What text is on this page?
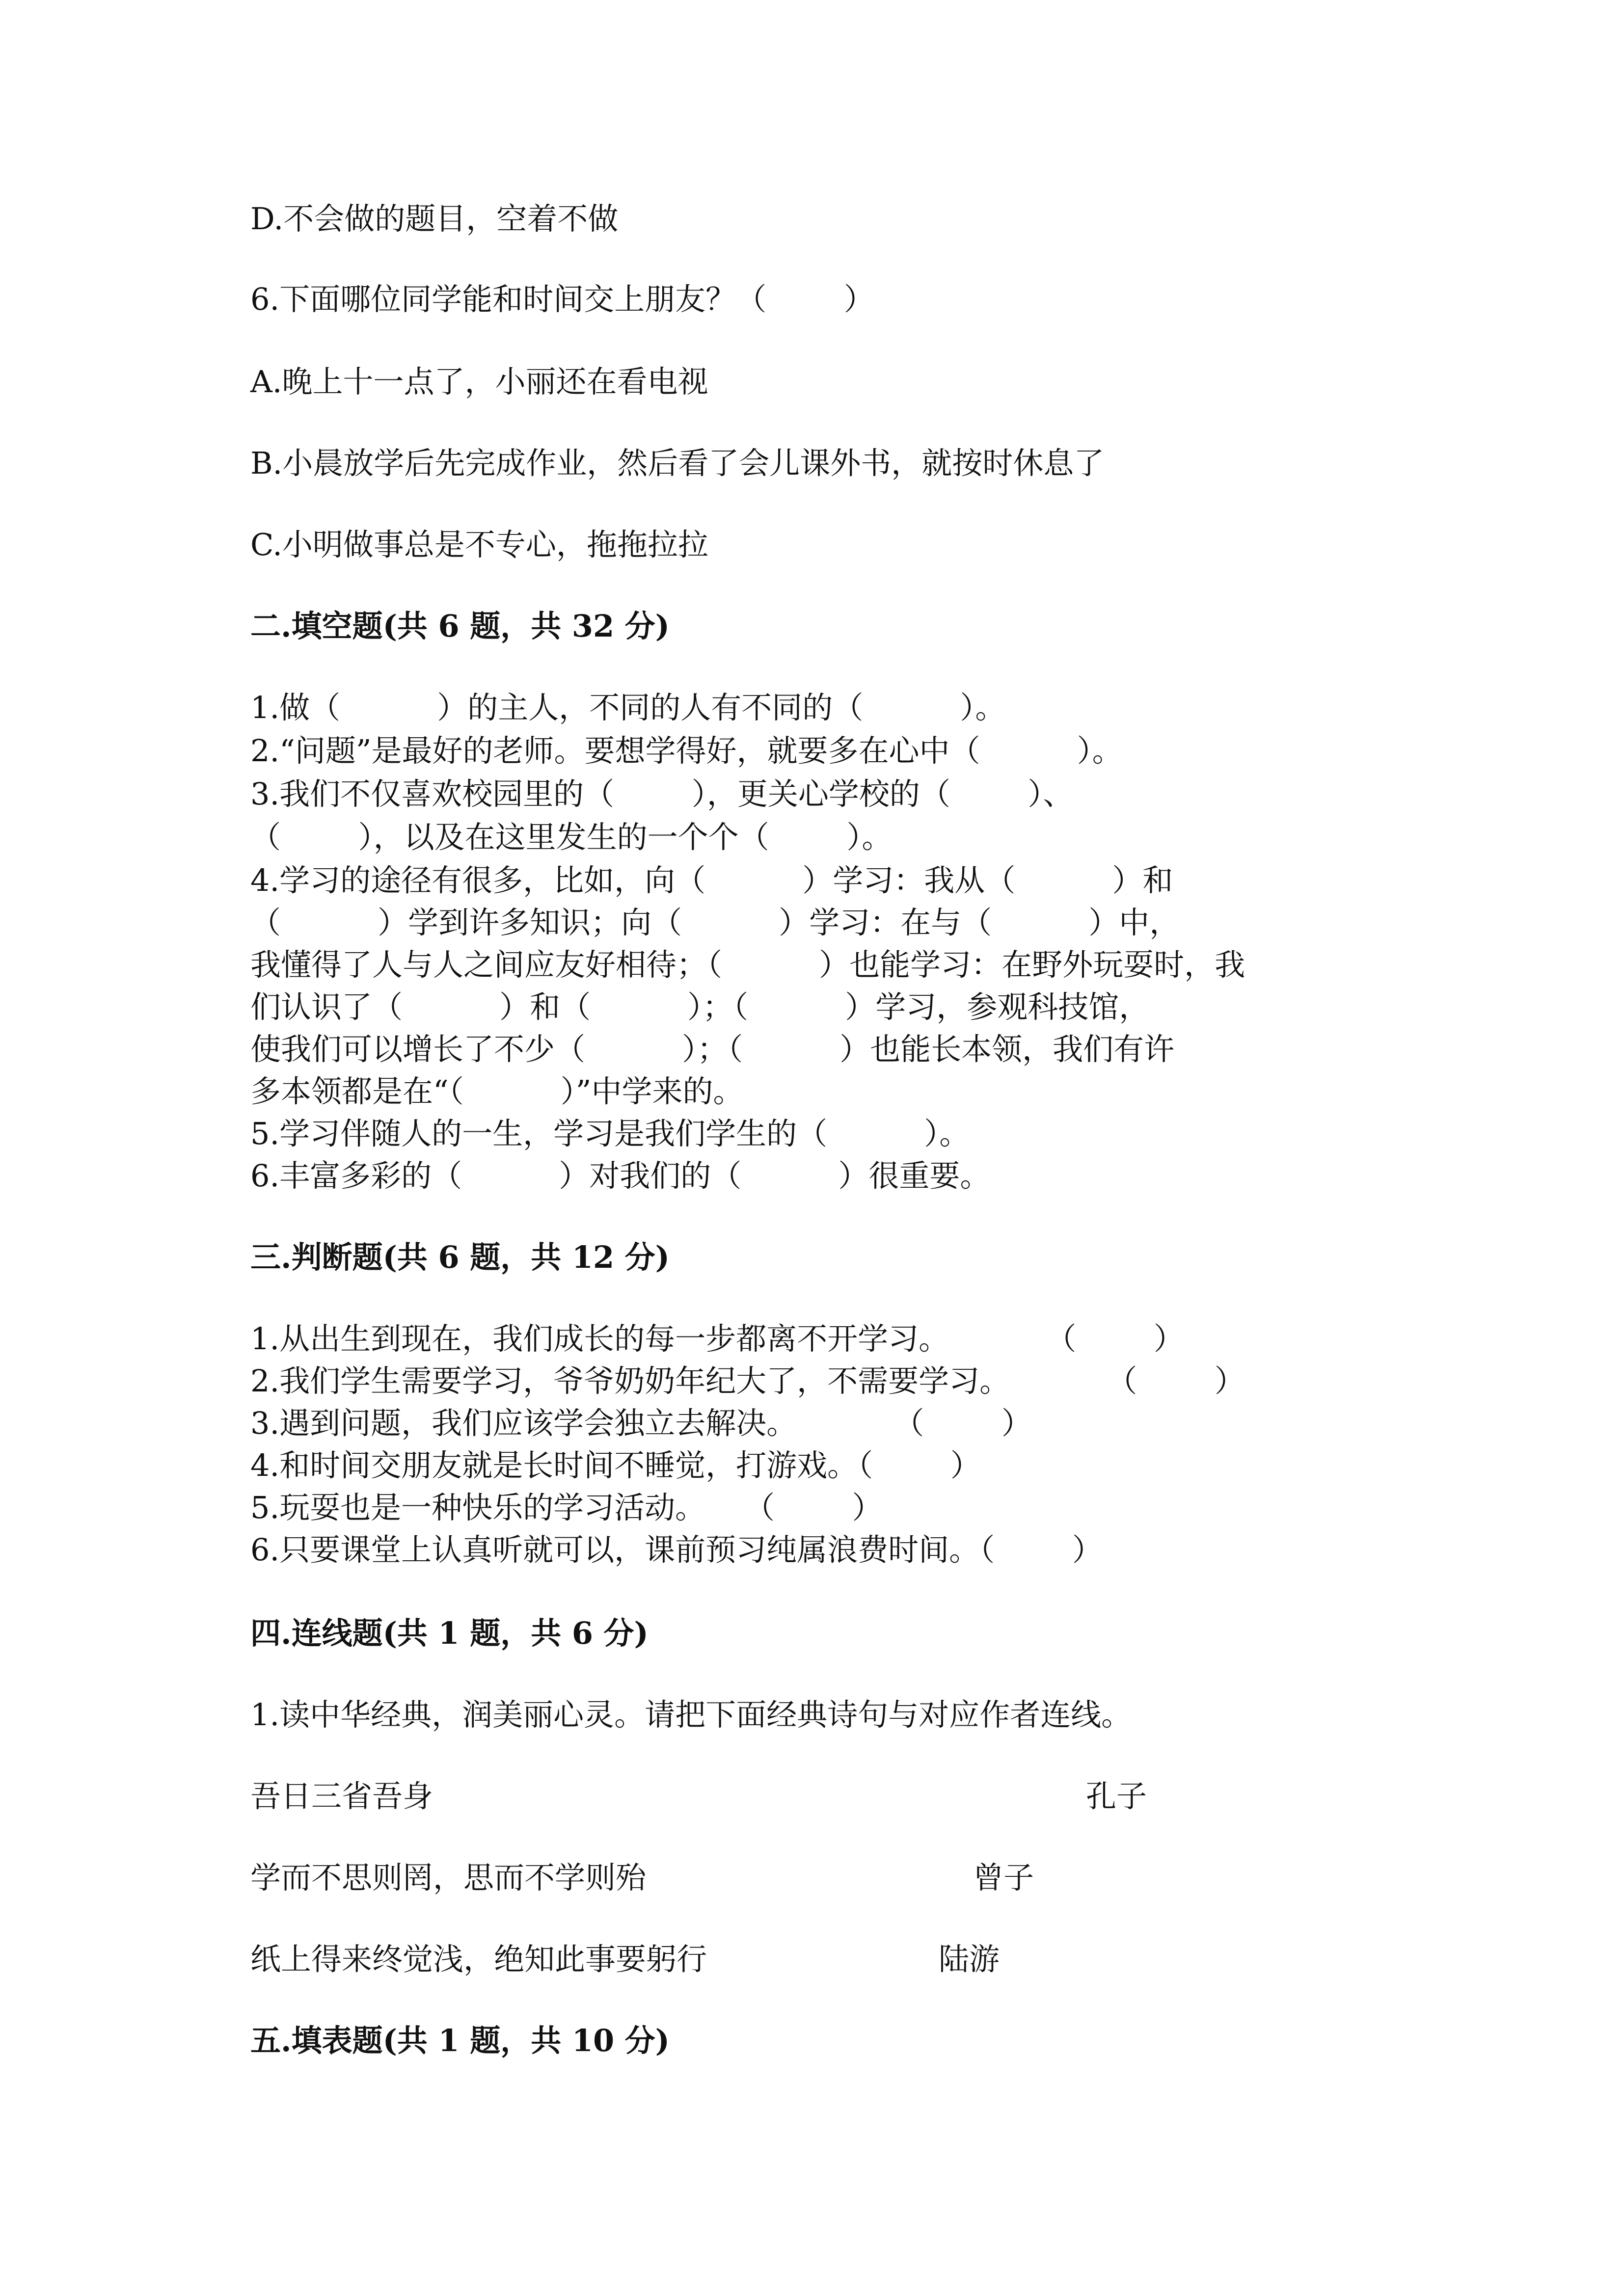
D.不会做的题目，空着不做

6.下面哪位同学能和时间交上朋友？（        ）

A.晚上十一点了，小丽还在看电视

B.小晨放学后先完成作业，然后看了会儿课外书，就按时休息了

C.小明做事总是不专心，拖拖拉拉

二.填空题(共 6 题，共 32 分)

1.做（          ）的主人，不同的人有不同的（          ）。

2.“问题”是最好的老师。要想学得好，就要多在心中（          ）。

3.我们不仅喜欢校园里的（        ），更关心学校的（        ）、

（        ），以及在这里发生的一个个（        ）。

4.学习的途径有很多，比如，向（          ）学习：我从（          ）和

（          ）学到许多知识；向（          ）学习：在与（          ）中，

我懂得了人与人之间应友好相待；（          ）也能学习：在野外玩耍时，我

们认识了（          ）和（          ）；（          ）学习，参观科技馆，

使我们可以增长了不少（          ）；（          ）也能长本领，我们有许

多本领都是在“（          ）”中学来的。

5.学习伴随人的一生，学习是我们学生的（          ）。

6.丰富多彩的（          ）对我们的（          ）很重要。

三.判断题(共 6 题，共 12 分)

1.从出生到现在，我们成长的每一步都离不开学习。          （        ）

2.我们学生需要学习，爷爷奶奶年纪大了，不需要学习。          （        ）

3.遇到问题，我们应该学会独立去解决。          （        ）

4.和时间交朋友就是长时间不睡觉，打游戏。（        ）

5.玩耍也是一种快乐的学习活动。    （        ）

6.只要课堂上认真听就可以，课前预习纯属浪费时间。（        ）

四.连线题(共 1 题，共 6 分)

1.读中华经典，润美丽心灵。请把下面经典诗句与对应作者连线。

吾日三省吾身	孔子

学而不思则罔，思而不学则殆	曾子

纸上得来终觉浅，绝知此事要躬行	陆游

五.填表题(共 1 题，共 10 分)
